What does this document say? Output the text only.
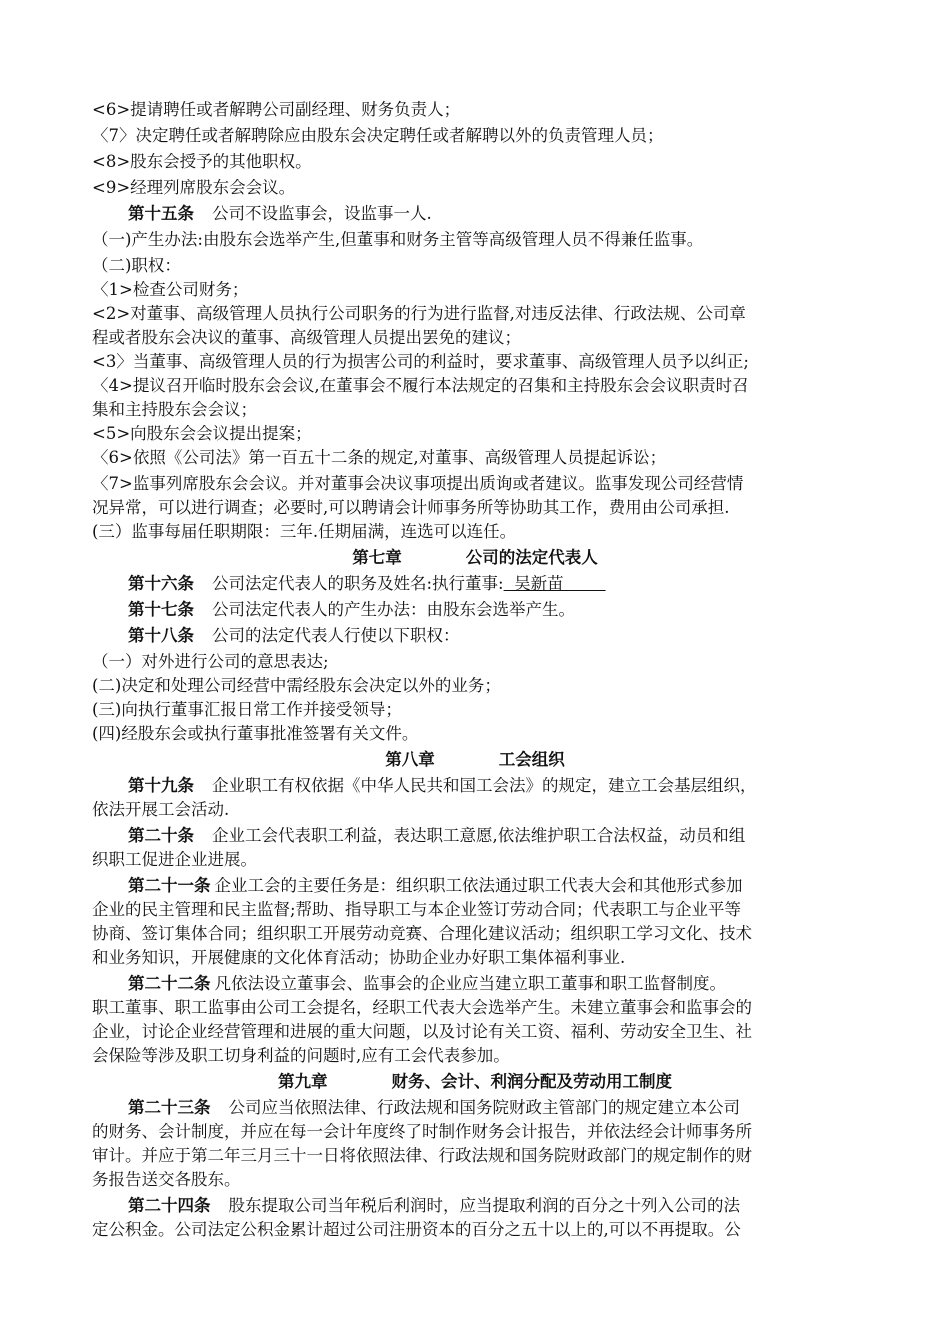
<6>提请聘任或者解聘公司副经理、财务负责人；
〈7〉决定聘任或者解聘除应由股东会决定聘任或者解聘以外的负责管理人员；
<8>股东会授予的其他职权。
<9>经理列席股东会会议。
第十五条 公司不设监事会，设监事一人.
（一)产生办法:由股东会选举产生,但董事和财务主管等高级管理人员不得兼任监事。
（二)职权：
〈1>检查公司财务；
<2>对董事、高级管理人员执行公司职务的行为进行监督,对违反法律、行政法规、公司章
程或者股东会决议的董事、高级管理人员提出罢免的建议；
<3〉当董事、高级管理人员的行为损害公司的利益时，要求董事、高级管理人员予以纠正;
〈4>提议召开临时股东会会议,在董事会不履行本法规定的召集和主持股东会会议职责时召
集和主持股东会会议；
<5>向股东会会议提出提案；
〈6>依照《公司法》第一百五十二条的规定,对董事、高级管理人员提起诉讼；
〈7>监事列席股东会会议。并对董事会决议事项提出质询或者建议。监事发现公司经营情
况异常，可以进行调查；必要时,可以聘请会计师事务所等协助其工作，费用由公司承担.
(三）监事每届任职期限：三年.任期届满，连选可以连任。
第七章	公司的法定代表人
第十六条 公司法定代表人的职务及姓名:执行董事:  吴新苗
第十七条 公司法定代表人的产生办法：由股东会选举产生。
第十八条 公司的法定代表人行使以下职权：
（一）对外进行公司的意思表达;
(二)决定和处理公司经营中需经股东会决定以外的业务；
(三)向执行董事汇报日常工作并接受领导；
(四)经股东会或执行董事批准签署有关文件。
第八章	工会组织
第十九条 企业职工有权依据《中华人民共和国工会法》的规定，建立工会基层组织，
依法开展工会活动.
第二十条 企业工会代表职工利益，表达职工意愿,依法维护职工合法权益，动员和组
织职工促进企业进展。
第二十一条 企业工会的主要任务是：组织职工依法通过职工代表大会和其他形式参加
企业的民主管理和民主监督;帮助、指导职工与本企业签订劳动合同；代表职工与企业平等
协商、签订集体合同；组织职工开展劳动竞赛、合理化建议活动；组织职工学习文化、技术
和业务知识，开展健康的文化体育活动；协助企业办好职工集体福利事业.
第二十二条 凡依法设立董事会、监事会的企业应当建立职工董事和职工监督制度。
职工董事、职工监事由公司工会提名，经职工代表大会选举产生。未建立董事会和监事会的
企业，讨论企业经营管理和进展的重大问题，以及讨论有关工资、福利、劳动安全卫生、社
会保险等涉及职工切身利益的问题时,应有工会代表参加。
第九章	财务、会计、利润分配及劳动用工制度
第二十三条 公司应当依照法律、行政法规和国务院财政主管部门的规定建立本公司
的财务、会计制度，并应在每一会计年度终了时制作财务会计报告，并依法经会计师事务所
审计。并应于第二年三月三十一日将依照法律、行政法规和国务院财政部门的规定制作的财
务报告送交各股东。
第二十四条 股东提取公司当年税后利润时，应当提取利润的百分之十列入公司的法
定公积金。公司法定公积金累计超过公司注册资本的百分之五十以上的,可以不再提取。公
